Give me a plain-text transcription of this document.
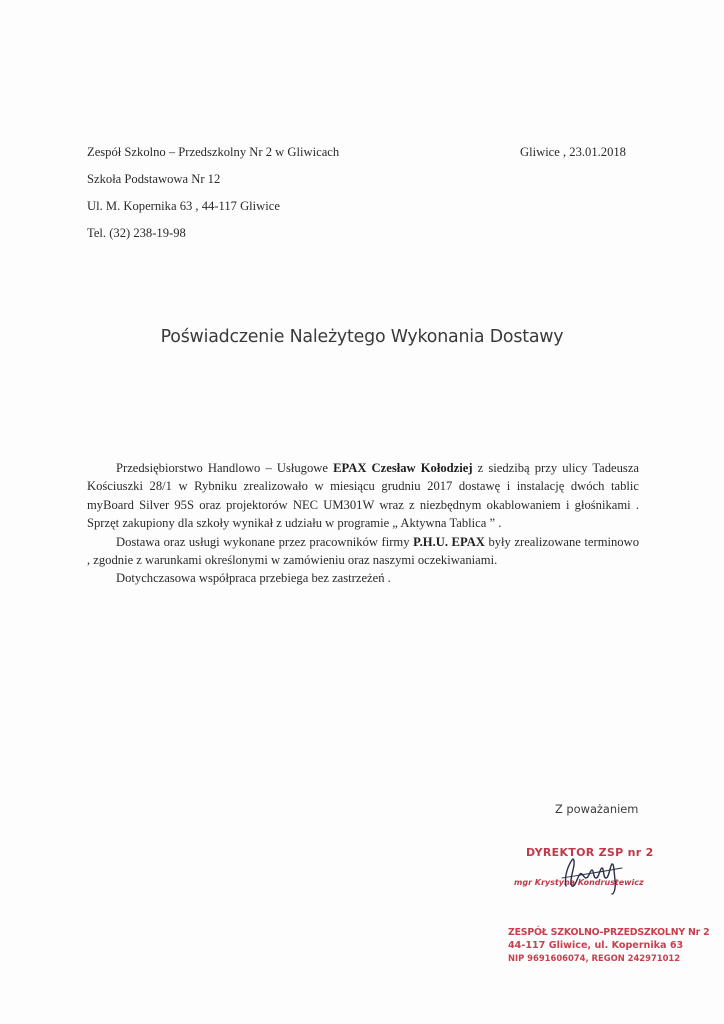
Zespół Szkolno – Przedszkolny Nr 2 w Gliwicach
Szkoła Podstawowa Nr 12
Ul. M. Kopernika 63 , 44-117 Gliwice
Tel. (32) 238-19-98
Gliwice , 23.01.2018
Poświadczenie Należytego Wykonania Dostawy

Przedsiębiorstwo Handlowo – Usługowe EPAX Czesław Kołodziej z siedzibą przy ulicy Tadeusza Kościuszki 28/1 w Rybniku zrealizowało w miesiącu grudniu 2017 dostawę i instalację dwóch tablic myBoard Silver 95S oraz projektorów NEC UM301W wraz z niezbędnym okablowaniem i głośnikami . Sprzęt zakupiony dla szkoły wynikał z udziału w programie „ Aktywna Tablica ” .

Dostawa oraz usługi wykonane przez pracowników firmy P.H.U. EPAX były zrealizowane terminowo , zgodnie z warunkami określonymi w zamówieniu oraz naszymi oczekiwaniami.

Dotychczasowa współpraca przebiega bez zastrzeżeń .

Z poważaniem
DYREKTOR ZSP nr 2
mgr Krystyna Kondrustewicz
ZESPÓŁ SZKOLNO-PRZEDSZKOLNY Nr 2
44-117 Gliwice, ul. Kopernika 63
NIP 9691606074, REGON 242971012
